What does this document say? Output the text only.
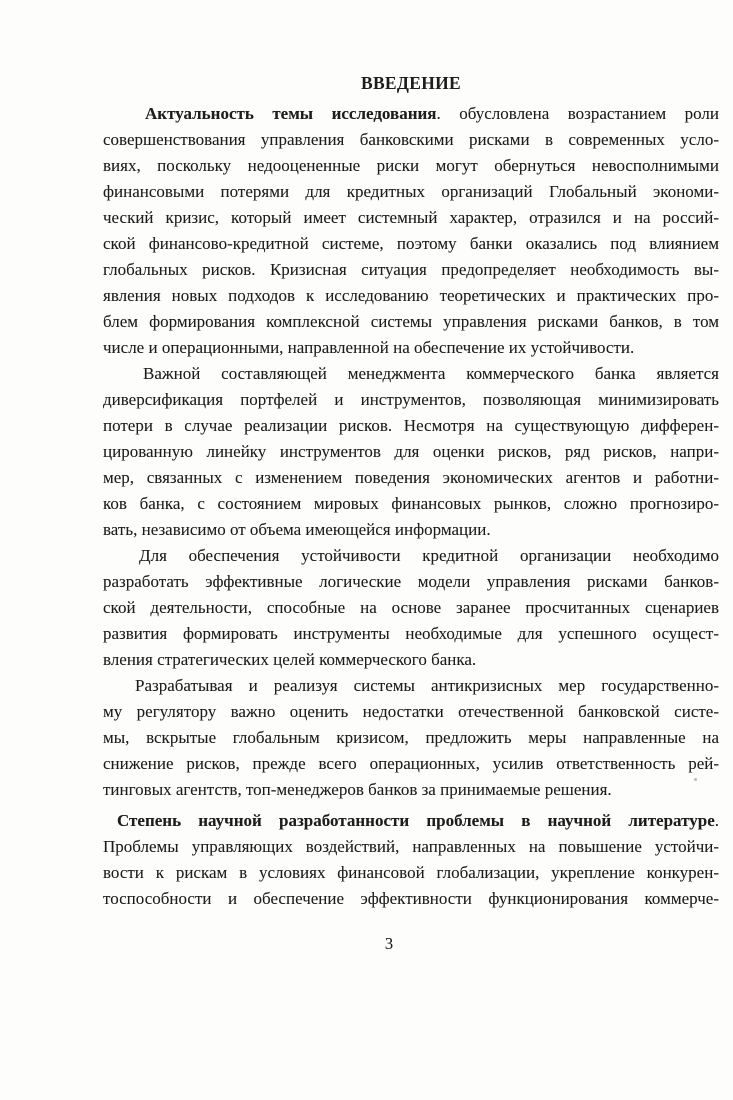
ВВЕДЕНИЕ
Актуальность темы исследования. обусловлена возрастанием роли
совершенствования управления банковскими рисками в современных усло-
виях, поскольку недооцененные риски могут обернуться невосполнимыми
финансовыми потерями для кредитных организаций Глобальный экономи-
ческий кризис, который имеет системный характер, отразился и на россий-
ской финансово-кредитной системе, поэтому банки оказались под влиянием
глобальных рисков. Кризисная ситуация предопределяет необходимость вы-
явления новых подходов к исследованию теоретических и практических про-
блем формирования комплексной системы управления рисками банков, в том
числе и операционными, направленной на обеспечение их устойчивости.
Важной составляющей менеджмента коммерческого банка является
диверсификация портфелей и инструментов, позволяющая минимизировать
потери в случае реализации рисков. Несмотря на существующую дифферен-
цированную линейку инструментов для оценки рисков, ряд рисков, напри-
мер, связанных с изменением поведения экономических агентов и работни-
ков банка, с состоянием мировых финансовых рынков, сложно прогнозиро-
вать, независимо от объема имеющейся информации.
Для обеспечения устойчивости кредитной организации необходимо
разработать эффективные логические модели управления рисками банков-
ской деятельности, способные на основе заранее просчитанных сценариев
развития формировать инструменты необходимые для успешного осущест-
вления стратегических целей коммерческого банка.
Разрабатывая и реализуя системы антикризисных мер государственно-
му регулятору важно оценить недостатки отечественной банковской систе-
мы, вскрытые глобальным кризисом, предложить меры направленные на
снижение рисков, прежде всего операционных, усилив ответственность рей-
тинговых агентств, топ-менеджеров банков за принимаемые решения.
Степень научной разработанности проблемы в научной литературе.
Проблемы управляющих воздействий, направленных на повышение устойчи-
вости к рискам в условиях финансовой глобализации, укрепление конкурен-
тоспособности и обеспечение эффективности функционирования коммерче-
3
